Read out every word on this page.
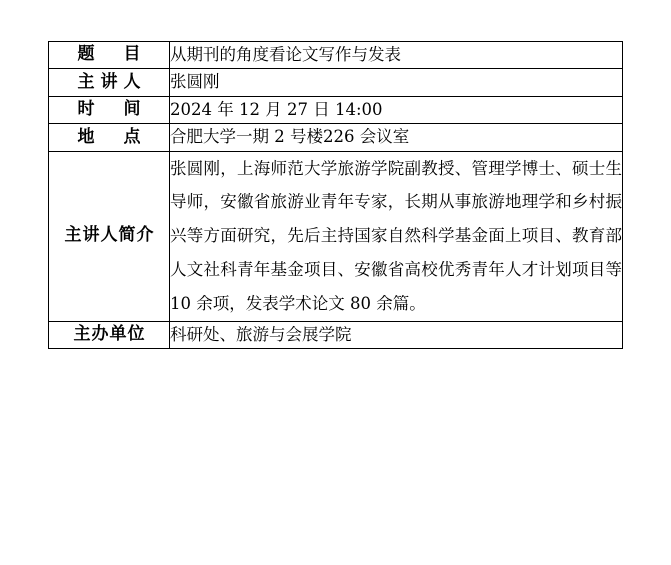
题　目	从期刊的角度看论文写作与发表
主讲人	张圆刚
时　间	2024 年 12 月 27 日 14:00
地　点	合肥大学一期 2 号楼226 会议室
主讲人简介	张圆刚，上海师范大学旅游学院副教授、管理学博士、硕士生导师，安徽省旅游业青年专家，长期从事旅游地理学和乡村振兴等方面研究，先后主持国家自然科学基金面上项目、教育部人文社科青年基金项目、安徽省高校优秀青年人才计划项目等 10 余项，发表学术论文 80 余篇。
主办单位	科研处、旅游与会展学院
